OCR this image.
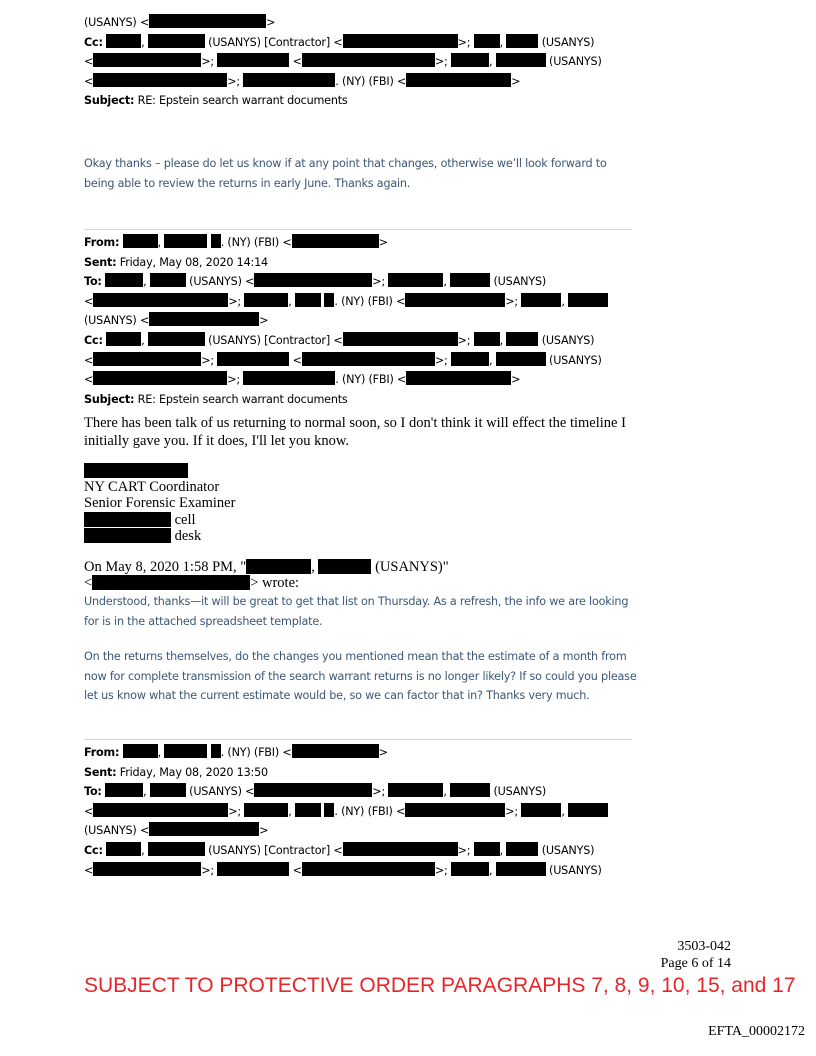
(USANYS) <	>
Cc:	,	(USANYS) [Contractor] <	>;	,	(USANYS)
<	>;	<	>;	,	(USANYS)
<	>;	. (NY) (FBI) <	>
Subject: RE: Epstein search warrant documents
Okay thanks – please do let us know if at any point that changes, otherwise we’ll look forward to being able to review the returns in early June. Thanks again.
From:	,	. (NY) (FBI) <	>
Sent: Friday, May 08, 2020 14:14
To:	,	(USANYS) <	>;	,	(USANYS)
<	>;	,	. (NY) (FBI) <	>;	,
(USANYS) <	>
Cc:	,	(USANYS) [Contractor] <	>;	,	(USANYS)
<	>;	<	>;	,	(USANYS)
<	>;	. (NY) (FBI) <	>
Subject: RE: Epstein search warrant documents
There has been talk of us returning to normal soon, so I don't think it will effect the timeline I initially gave you. If it does, I'll let you know.
NY CART Coordinator
Senior Forensic Examiner
cell
desk
On May 8, 2020 1:58 PM, "	,	(USANYS)"
<	> wrote:
Understood, thanks—it will be great to get that list on Thursday. As a refresh, the info we are looking for is in the attached spreadsheet template.
On the returns themselves, do the changes you mentioned mean that the estimate of a month from now for complete transmission of the search warrant returns is no longer likely? If so could you please let us know what the current estimate would be, so we can factor that in? Thanks very much.
From:	,	. (NY) (FBI) <	>
Sent: Friday, May 08, 2020 13:50
To:	,	(USANYS) <	>;	,	(USANYS)
<	>;	,	. (NY) (FBI) <	>;	,
(USANYS) <	>
Cc:	,	(USANYS) [Contractor] <	>;	,	(USANYS)
<	>;	<	>;	,	(USANYS)
3503-042
Page 6 of 14
SUBJECT TO PROTECTIVE ORDER PARAGRAPHS 7, 8, 9, 10, 15, and 17
EFTA_00002172
